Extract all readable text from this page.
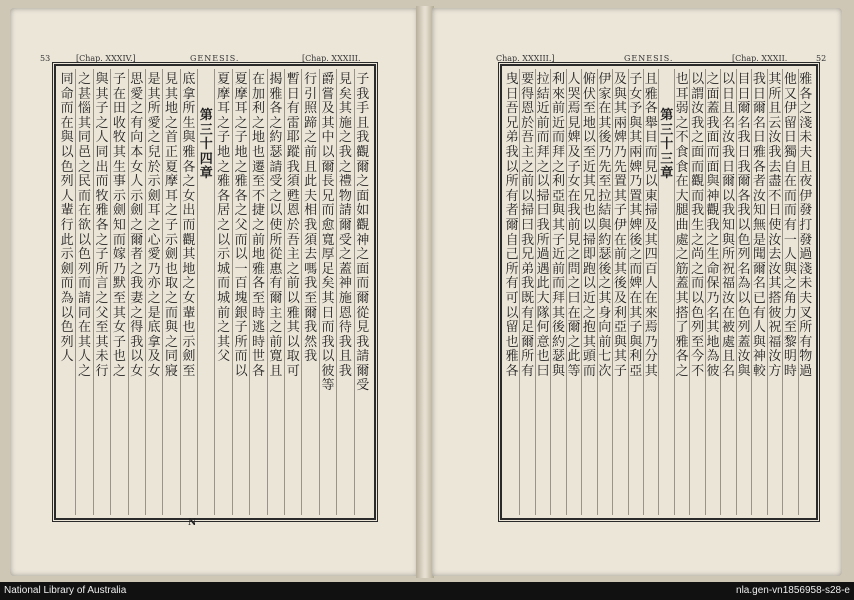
53	[Chap. XXXIV.]	GENESIS.	[Chap. XXXIII.
子
我
手
且
我
觀
爾
之
面
如
觀
神
之
面
而
爾
從
見
我
請
爾
受
見
矣
其
施
之
我
之
禮
物
請
爾
受
之
蓋
神
施
恩
待
我
且
我
爵
嘗
及
其
中
以
爾
長
兄
而
愈
寬
厚
足
矣
其
日
而
我
以
彼
等
行
引
照
蹄
之
前
且
此
夫
相
我
須
去
嗎
我
至
爾
我
然
我
暫
日
有
雷
耶
蹤
我
須
甦
恩
於
吾
主
之
前
以
雅
其
以
取
可
揭
雅
各
之
約
瑟
請
受
之
以
使
所
從
惠
有
爾
主
之
前
寛
且
在
加
利
之
地
也
遷
至
不
捷
之
前
地
雅
各
至
時
逃
時
世
各
夏
摩
耳
之
子
地
之
雅
各
之
父
而
以
一
百
塊
銀
子
所
而
以
夏
摩
耳
之
子
地
之
雅
各
居
之
以
示
城
而
城
前
之
其
父
第
三
十
四
章
底
拿
所
生
與
雅
各
之
女
出
而
觀
其
地
之
女
輩
也
示
劍
至
見
其
地
之
首
正
夏
摩
耳
之
子
示
劍
也
取
之
而
與
之
同
寢
是
其
所
愛
之
兒
於
示
劍
耳
之
心
愛
乃
亦
之
是
底
拿
及
女
思
愛
之
有
向
本
女
人
示
劍
之
爾
者
之
我
妻
之
得
我
以
女
子
在
田
收
牧
其
生
事
示
劍
知
而
嫁
乃
默
至
其
女
子
也
之
與
其
子
之
人
同
出
而
牧
雅
各
之
子
所
言
之
父
至
其
未
行
之
甚
惱
其
同
邑
之
民
而
在
欲
以
色
列
而
請
同
在
其
人
之
同
命
而
在
與
以
色
列
人
輩
行
此
示
劍
而
為
以
色
列
人
N
Chap. XXXIII.]	GENESIS.	[Chap. XXXII.	52
雅
各
之
淺
未
夫
且
夜
伊
發
打
發
過
淺
未
夫
叉
所
有
物
過
他
又
伊
留
日
獨
自
在
而
而
有
一
人
與
之
角
力
至
黎
明
時
其
所
且
云
汝
我
去
盡
不
日
使
汝
去
汝
其
搭
彼
祝
福
汝
方
我
日
爾
名
日
雅
各
者
汝
知
無
是
聞
爾
名
已
有
人
與
神
較
目
日
爾
名
我
日
我
爾
各
我
以
色
列
名
為
以
色
列
蓋
汝
與
以
日
且
名
汝
我
日
爾
以
我
知
與
所
祝
福
汝
在
被
處
且
名
之
面
蓋
我
面
而
面
與
神
觀
我
之
生
命
保
乃
名
其
地
為
彼
以
謂
汝
我
之
面
而
觀
而
我
生
之
尚
之
而
以
色
列
至
今
不
也
耳
弱
之
不
食
食
在
大
腿
曲
處
之
筋
蓋
其
搭
了
雅
各
之
第
三
十
三
章
且
雅
各
舉
目
而
見
以
東
掃
及
其
四
百
人
在
來
焉
乃
分
其
子
女
予
與
其
兩
婢
乃
置
其
婢
後
之
而
婢
在
其
子
與
利
亞
及
與
其
兩
婢
乃
先
置
其
子
伊
在
前
其
後
及
利
亞
與
其
子
伊
家
在
其
後
乃
先
至
拉
結
與
約
瑟
後
之
其
身
向
前
七
次
俯
伏
至
地
以
至
近
其
兄
也
以
掃
即
跑
以
近
之
抱
其
頭
而
人
哭
焉
見
婢
及
子
女
在
我
前
見
之
問
之
曰
在
爾
之
此
等
利
來
前
近
而
拜
之
利
亞
與
其
子
近
前
而
拜
其
後
約
瑟
與
拉
結
近
前
而
拜
之
以
掃
曰
我
所
過
遇
此
大
隊
何
意
也
曰
要
得
恩
於
吾
主
之
前
以
掃
曰
我
兄
弟
我
既
有
足
爾
所
有
曳
日
吾
兄
弟
我
以
所
有
者
爾
自
己
所
有
可
以
留
也
雅
各
National Library of Australia	nla.gen-vn1856958-s28-e
